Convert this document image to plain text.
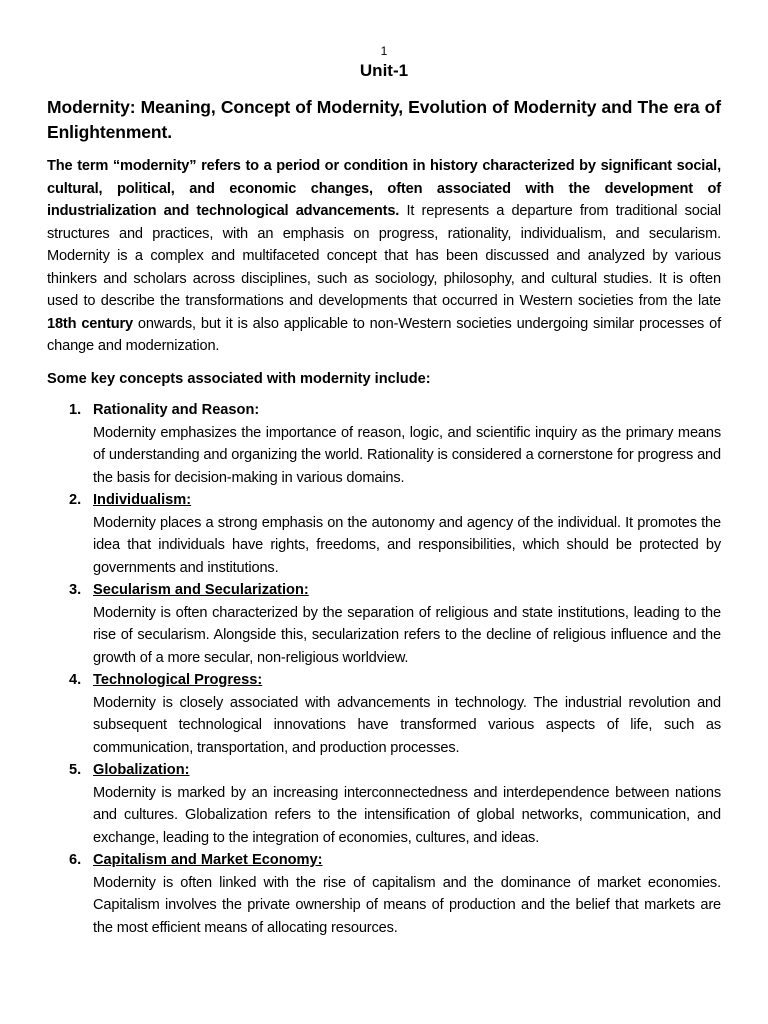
1
Unit-1
Modernity: Meaning, Concept of Modernity, Evolution of Modernity and The era of Enlightenment.
The term “modernity” refers to a period or condition in history characterized by significant social, cultural, political, and economic changes, often associated with the development of industrialization and technological advancements. It represents a departure from traditional social structures and practices, with an emphasis on progress, rationality, individualism, and secularism. Modernity is a complex and multifaceted concept that has been discussed and analyzed by various thinkers and scholars across disciplines, such as sociology, philosophy, and cultural studies. It is often used to describe the transformations and developments that occurred in Western societies from the late 18th century onwards, but it is also applicable to non-Western societies undergoing similar processes of change and modernization.
Some key concepts associated with modernity include:
1. Rationality and Reason:
Modernity emphasizes the importance of reason, logic, and scientific inquiry as the primary means of understanding and organizing the world. Rationality is considered a cornerstone for progress and the basis for decision-making in various domains.
2. Individualism:
Modernity places a strong emphasis on the autonomy and agency of the individual. It promotes the idea that individuals have rights, freedoms, and responsibilities, which should be protected by governments and institutions.
3. Secularism and Secularization:
Modernity is often characterized by the separation of religious and state institutions, leading to the rise of secularism. Alongside this, secularization refers to the decline of religious influence and the growth of a more secular, non-religious worldview.
4. Technological Progress:
Modernity is closely associated with advancements in technology. The industrial revolution and subsequent technological innovations have transformed various aspects of life, such as communication, transportation, and production processes.
5. Globalization:
Modernity is marked by an increasing interconnectedness and interdependence between nations and cultures. Globalization refers to the intensification of global networks, communication, and exchange, leading to the integration of economies, cultures, and ideas.
6. Capitalism and Market Economy:
Modernity is often linked with the rise of capitalism and the dominance of market economies. Capitalism involves the private ownership of means of production and the belief that markets are the most efficient means of allocating resources.
